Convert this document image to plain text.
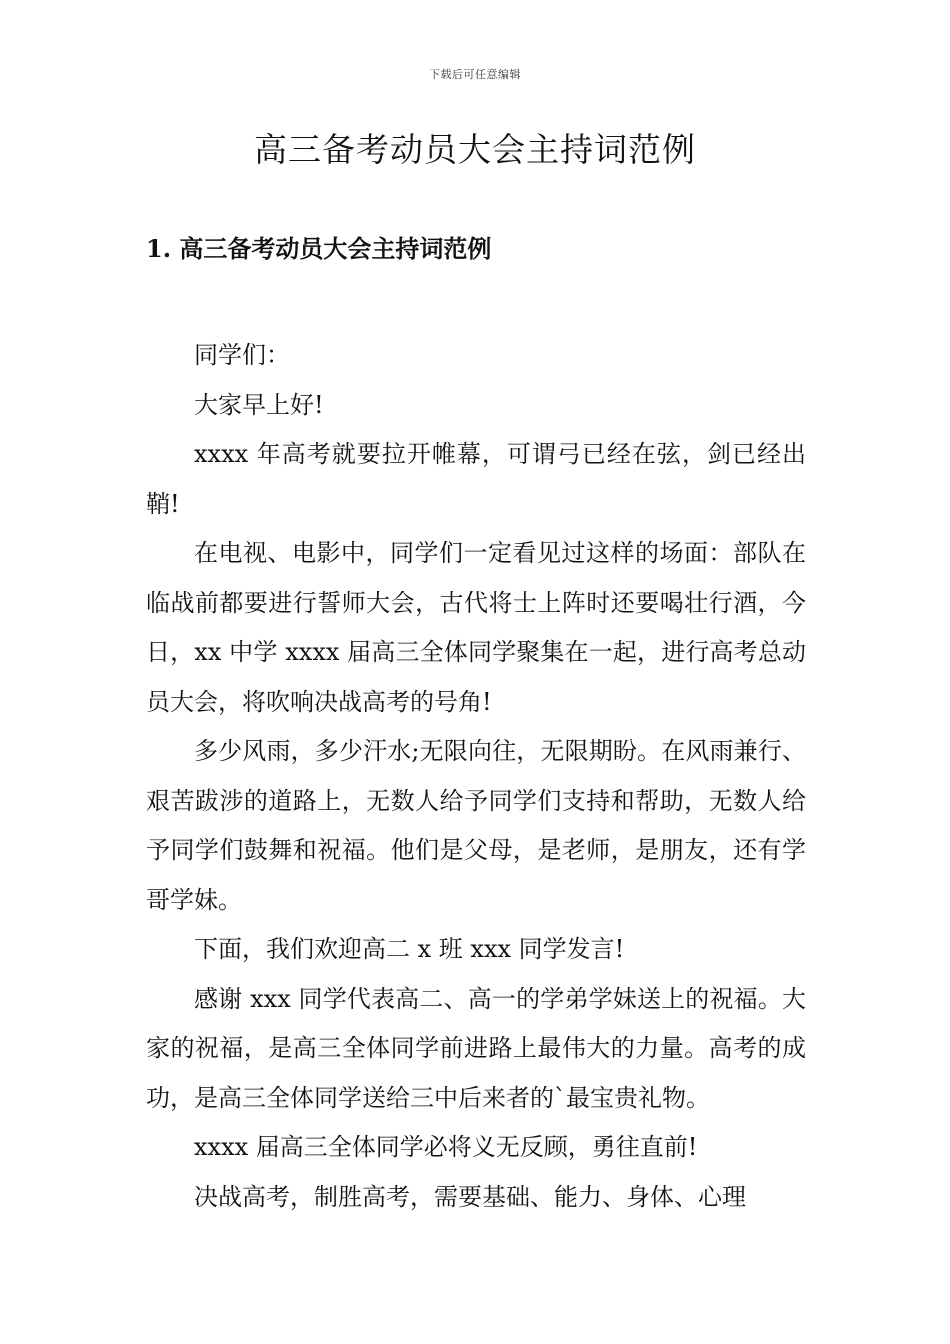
下载后可任意编辑
高三备考动员大会主持词范例
1. 高三备考动员大会主持词范例

同学们：

大家早上好!

xxxx 年高考就要拉开帷幕，可谓弓已经在弦，剑已经出鞘!

在电视、电影中，同学们一定看见过这样的场面：部队在临战前都要进行誓师大会，古代将士上阵时还要喝壮行酒，今日，xx 中学 xxxx 届高三全体同学聚集在一起，进行高考总动员大会，将吹响决战高考的号角!

多少风雨，多少汗水;无限向往，无限期盼。在风雨兼行、艰苦跋涉的道路上，无数人给予同学们支持和帮助，无数人给予同学们鼓舞和祝福。他们是父母，是老师，是朋友，还有学哥学妹。

下面，我们欢迎高二 x 班 xxx 同学发言!

感谢 xxx 同学代表高二、高一的学弟学妹送上的祝福。大家的祝福，是高三全体同学前进路上最伟大的力量。高考的成功，是高三全体同学送给三中后来者的`最宝贵礼物。

xxxx 届高三全体同学必将义无反顾，勇往直前!

决战高考，制胜高考，需要基础、能力、身体、心理
